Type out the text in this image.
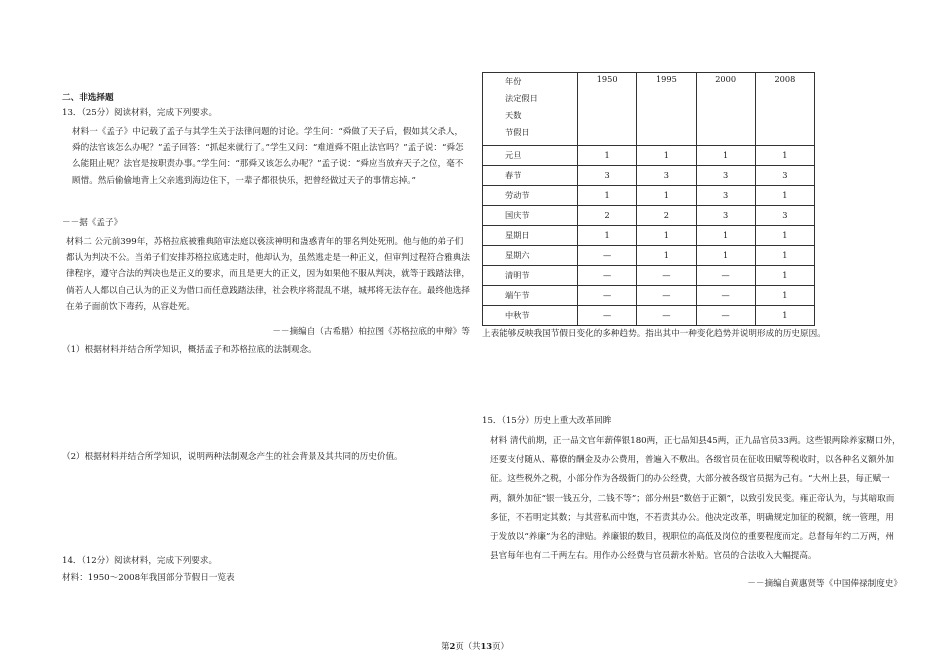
二、非选择题
13．（25分）阅读材料，完成下列要求。
材料一《孟子》中记载了孟子与其学生关于法律问题的讨论。学生问：“舜做了天子后，假如其父杀人，舜的法官该怎么办呢？”孟子回答：“抓起来就行了。”学生又问：“难道舜不阻止法官吗？”孟子说：“舜怎么能阻止呢？法官是按职责办事。”学生问：“那舜又该怎么办呢？”孟子说：“舜应当放弃天子之位，毫不顾惜。然后偷偷地背上父亲逃到海边住下，一辈子都很快乐，把曾经做过天子的事情忘掉。”
－－据《孟子》
材料二 公元前399年，苏格拉底被雅典陪审法庭以亵渎神明和蛊惑青年的罪名判处死刑。他与他的弟子们都认为判决不公。当弟子们安排苏格拉底逃走时，他却认为，虽然逃走是一种正义，但审判过程符合雅典法律程序，遵守合法的判决也是正义的要求，而且是更大的正义，因为如果他不服从判决，就等于践踏法律，倘若人人都以自己认为的正义为借口而任意践踏法律，社会秩序将混乱不堪，城邦将无法存在。最终他选择在弟子面前饮下毒药，从容赴死。
－－摘编自（古希腊）柏拉图《苏格拉底的申辩》等
（1）根据材料并结合所学知识，概括孟子和苏格拉底的法制观念。
（2）根据材料并结合所学知识，说明两种法制观念产生的社会背景及其共同的历史价值。
14．（12分）阅读材料，完成下列要求。
材料：1950～2008年我国部分节假日一览表
年份
法定假日
天数
节假日	1950	1995	2000	2008
元旦	1	1	1	1
春节	3	3	3	3
劳动节	1	1	3	1
国庆节	2	2	3	3
星期日	1	1	1	1
星期六	—	1	1	1
清明节	—	—	—	1
端午节	—	—	—	1
中秋节	—	—	—	1
上表能够反映我国节假日变化的多种趋势。指出其中一种变化趋势并说明形成的历史原因。
15．（15分）历史上重大改革回眸
材料 清代前期，正一品文官年薪俸银180两，正七品知县45两，正九品官员33两。这些银两除养家糊口外，还要支付随从、幕僚的酬金及办公费用，普遍入不敷出。各级官员在征收田赋等税收时，以各种名义额外加征。这些税外之税，小部分作为各级衙门的办公经费，大部分被各级官员据为己有。“大州上县，每正赋一两，额外加征“银一钱五分，二钱不等”；部分州县“数倍于正额”，以致引发民变。雍正帝认为，与其暗取而多征，不若明定其数；与其营私而中饱，不若责其办公。他决定改革，明确规定加征的税额，统一管理，用于发放以“养廉”为名的津贴。养廉银的数目，视职位的高低及岗位的重要程度而定。总督每年约二万两，州县官每年也有二千两左右。用作办公经费与官员薪水补贴。官员的合法收入大幅提高。
－－摘编自黄惠贤等《中国俸禄制度史》
第2页（共13页）
